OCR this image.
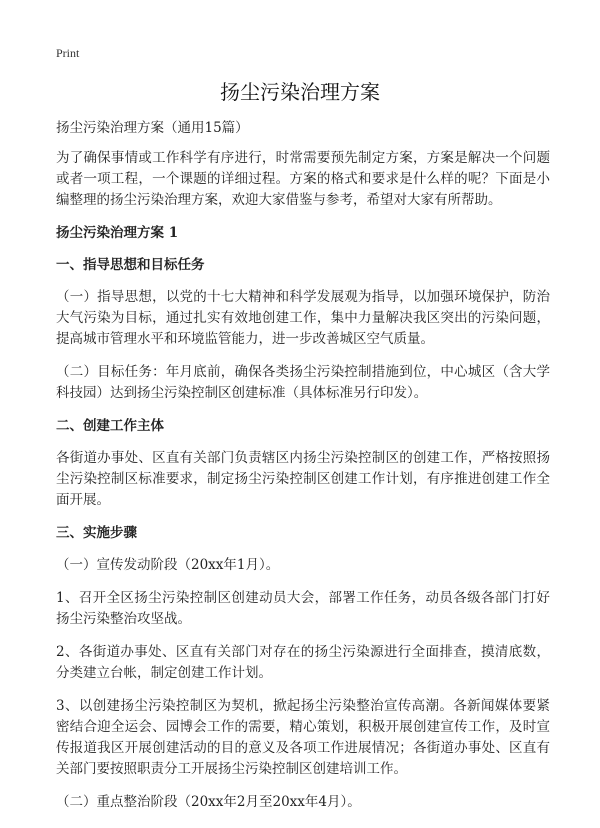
Print
扬尘污染治理方案

扬尘污染治理方案（通用15篇）

为了确保事情或工作科学有序进行，时常需要预先制定方案，方案是解决一个问题或者一项工程，一个课题的详细过程。方案的格式和要求是什么样的呢？下面是小编整理的扬尘污染治理方案，欢迎大家借鉴与参考，希望对大家有所帮助。

扬尘污染治理方案 1
一、指导思想和目标任务

（一）指导思想，以党的十七大精神和科学发展观为指导，以加强环境保护，防治大气污染为目标，通过扎实有效地创建工作，集中力量解决我区突出的污染问题，提高城市管理水平和环境监管能力，进一步改善城区空气质量。

（二）目标任务：年月底前，确保各类扬尘污染控制措施到位，中心城区（含大学科技园）达到扬尘污染控制区创建标准（具体标准另行印发）。

二、创建工作主体

各街道办事处、区直有关部门负责辖区内扬尘污染控制区的创建工作，严格按照扬尘污染控制区标准要求，制定扬尘污染控制区创建工作计划，有序推进创建工作全面开展。

三、实施步骤

（一）宣传发动阶段（20xx年1月）。

1、召开全区扬尘污染控制区创建动员大会，部署工作任务，动员各级各部门打好扬尘污染整治攻坚战。

2、各街道办事处、区直有关部门对存在的扬尘污染源进行全面排查，摸清底数，分类建立台帐，制定创建工作计划。

3、以创建扬尘污染控制区为契机，掀起扬尘污染整治宣传高潮。各新闻媒体要紧密结合迎全运会、园博会工作的需要，精心策划，积极开展创建宣传工作，及时宣传报道我区开展创建活动的目的意义及各项工作进展情况；各街道办事处、区直有关部门要按照职责分工开展扬尘污染控制区创建培训工作。

（二）重点整治阶段（20xx年2月至20xx年4月）。
